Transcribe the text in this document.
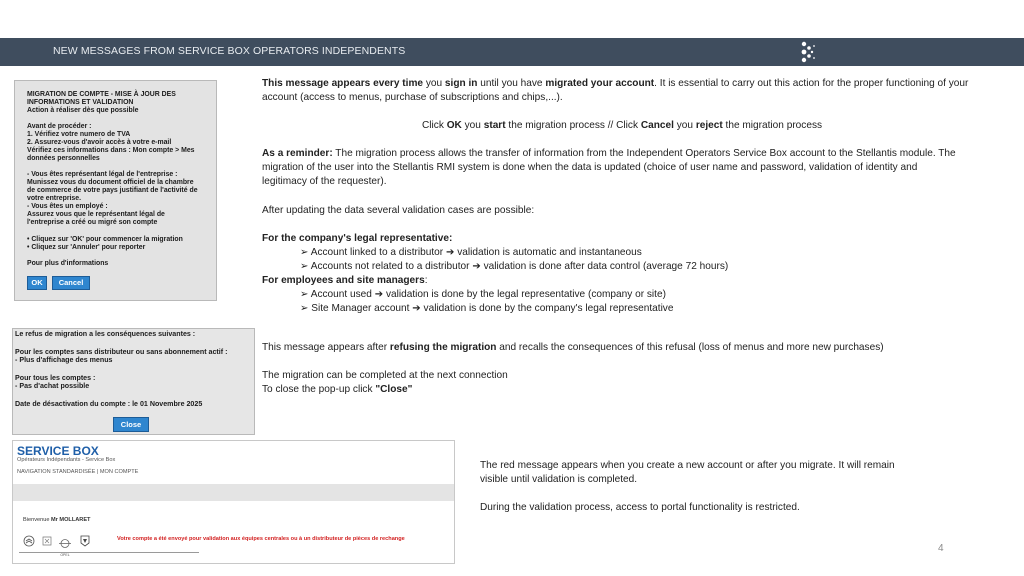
NEW MESSAGES FROM SERVICE BOX OPERATORS INDEPENDENTS
MIGRATION DE COMPTE - MISE À JOUR DES
INFORMATIONS ET VALIDATION
Action à réaliser dès que possible
Avant de procéder :
1. Vérifiez votre numero de TVA
2. Assurez-vous d'avoir accès à votre e-mail
Vérifiez ces informations dans : Mon compte > Mes
données personnelles
- Vous êtes représentant légal de l'entreprise :
Munissez vous du document officiel de la chambre
de commerce de votre pays justifiant de l'activité de
votre entreprise.
- Vous êtes un employé :
Assurez vous que le représentant légal de
l'entreprise a créé ou migré son compte
• Cliquez sur 'OK' pour commencer la migration
• Cliquez sur 'Annuler' pour reporter
Pour plus d'informations
OK	Cancel
Le refus de migration a les conséquences suivantes :
Pour les comptes sans distributeur ou sans abonnement actif :
- Plus d'affichage des menus
Pour tous les comptes :
- Pas d'achat possible
Date de désactivation du compte : le 01 Novembre 2025
Close
SERVICE BOX
Opérateurs Indépendants - Service Box
NAVIGATION STANDARDISÉE | MON COMPTE
Bienvenue Mr MOLLARET
OPEL
Votre compte a été envoyé pour validation aux équipes centrales ou à un distributeur de pièces de rechange
This message appears every time you sign in until you have migrated your account. It is essential to carry out this action for the proper functioning of your
account (access to menus, purchase of subscriptions and chips,...).
Click OK you start the migration process // Click Cancel you reject the migration process
As a reminder: The migration process allows the transfer of information from the Independent Operators Service Box account to the Stellantis module. The
migration of the user into the Stellantis RMI system is done when the data is updated (choice of user name and password, validation of identity and
legitimacy of the requester).
After updating the data several validation cases are possible:
For the company's legal representative:
➢ Account linked to a distributor ➔ validation is automatic and instantaneous
➢ Accounts not related to a distributor ➔ validation is done after data control (average 72 hours)
For employees and site managers:
➢ Account used ➔ validation is done by the legal representative (company or site)
➢ Site Manager account ➔ validation is done by the company's legal representative
This message appears after refusing the migration and recalls the consequences of this refusal (loss of menus and more new purchases)
The migration can be completed at the next connection
To close the pop-up click "Close"
The red message appears when you create a new account or after you migrate. It will remain
visible until validation is completed.
During the validation process, access to portal functionality is restricted.
4
